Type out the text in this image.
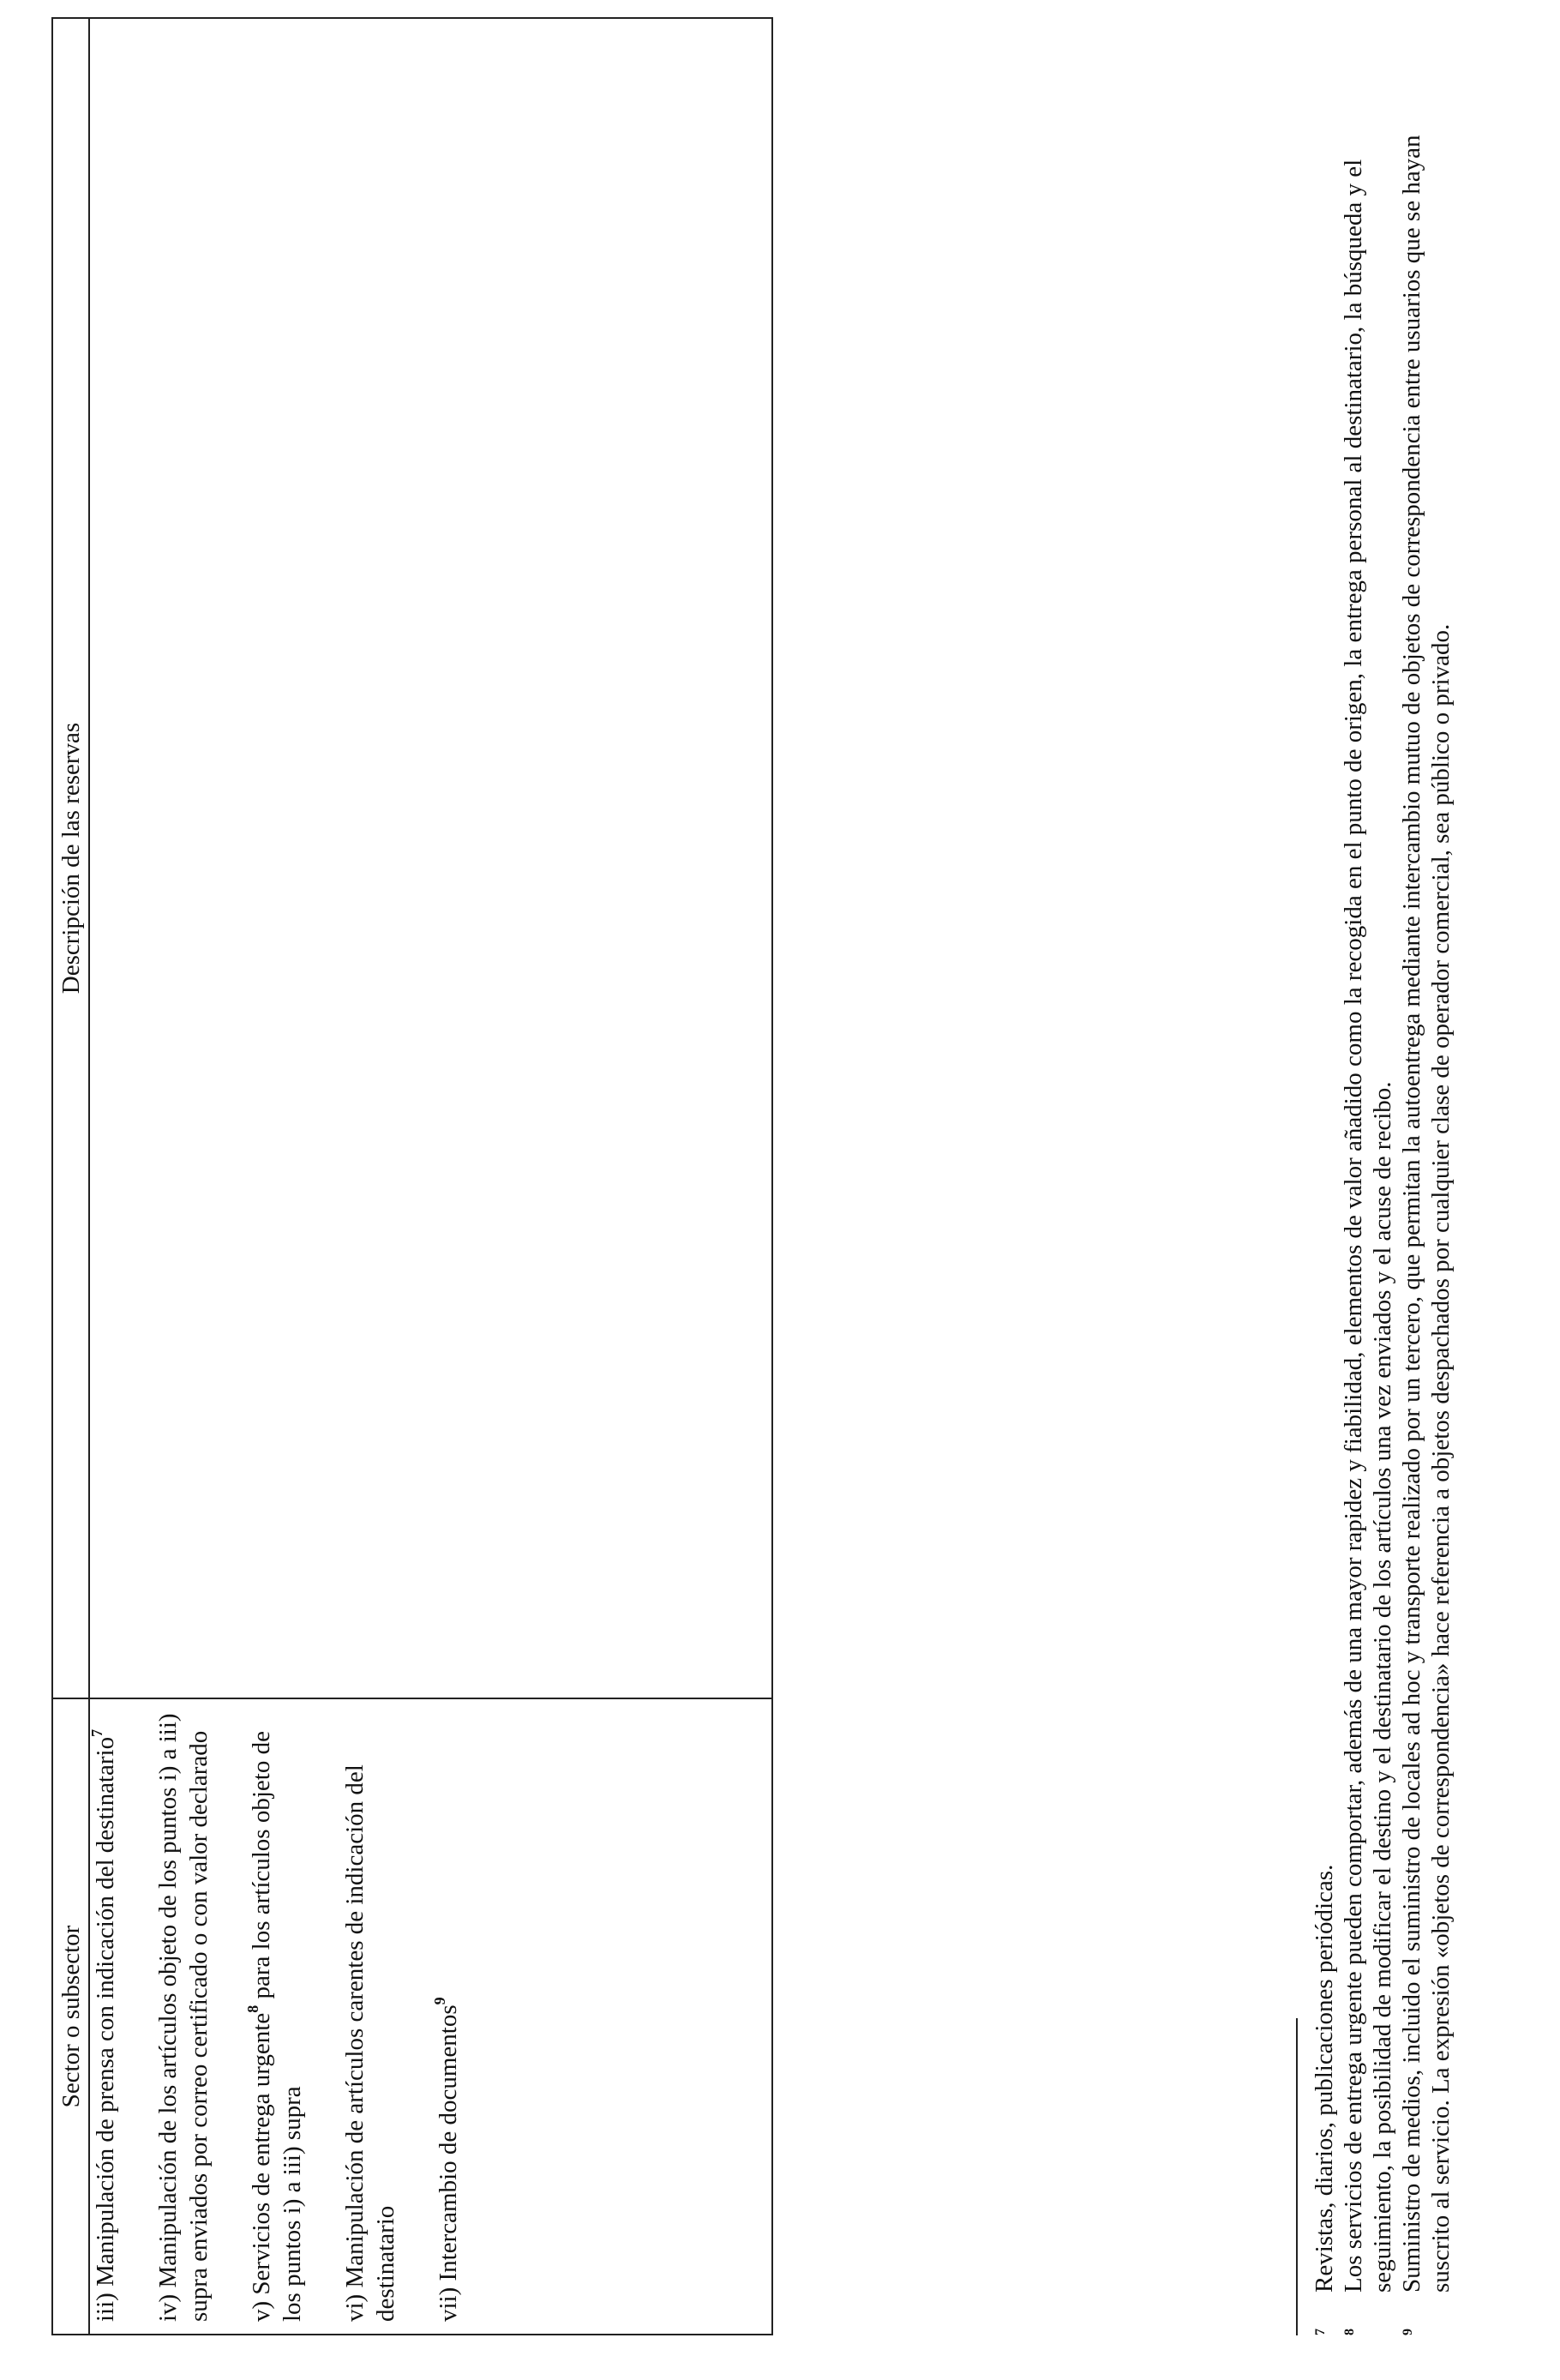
Sector o subsector
Descripción de las reservas

iii) Manipulación de prensa con indicación del destinatario$^7$	iv) Manipulación de los artículos objeto de los puntos i) a iii) supra enviados por correo certificado o con valor declarado v) Servicios de entrega urgente$^8$ para los artículos objeto de los puntos i) a iii) supra vi) Manipulación de artículos carentes de indicación del destinatario vii) Intercambio de documentos$^9$

7
Revistas, diarios, publicaciones periódicas.
8
Los servicios de entrega urgente pueden comportar, además de una mayor rapidez y fiabilidad, elementos de valor añadido como la recogida en el punto de origen, la entrega personal al destinatario, la búsqueda y el seguimiento, la posibilidad de modificar el destino y el destinatario de los artículos una vez enviados y el acuse de recibo.
9
Suministro de medios, incluido el suministro de locales ad hoc y transporte realizado por un tercero, que permitan la autoentrega mediante intercambio mutuo de objetos de correspondencia entre usuarios que se hayan suscrito al servicio. La expresión «objetos de correspondencia» hace referencia a objetos despachados por cualquier clase de operador comercial, sea público o privado.
